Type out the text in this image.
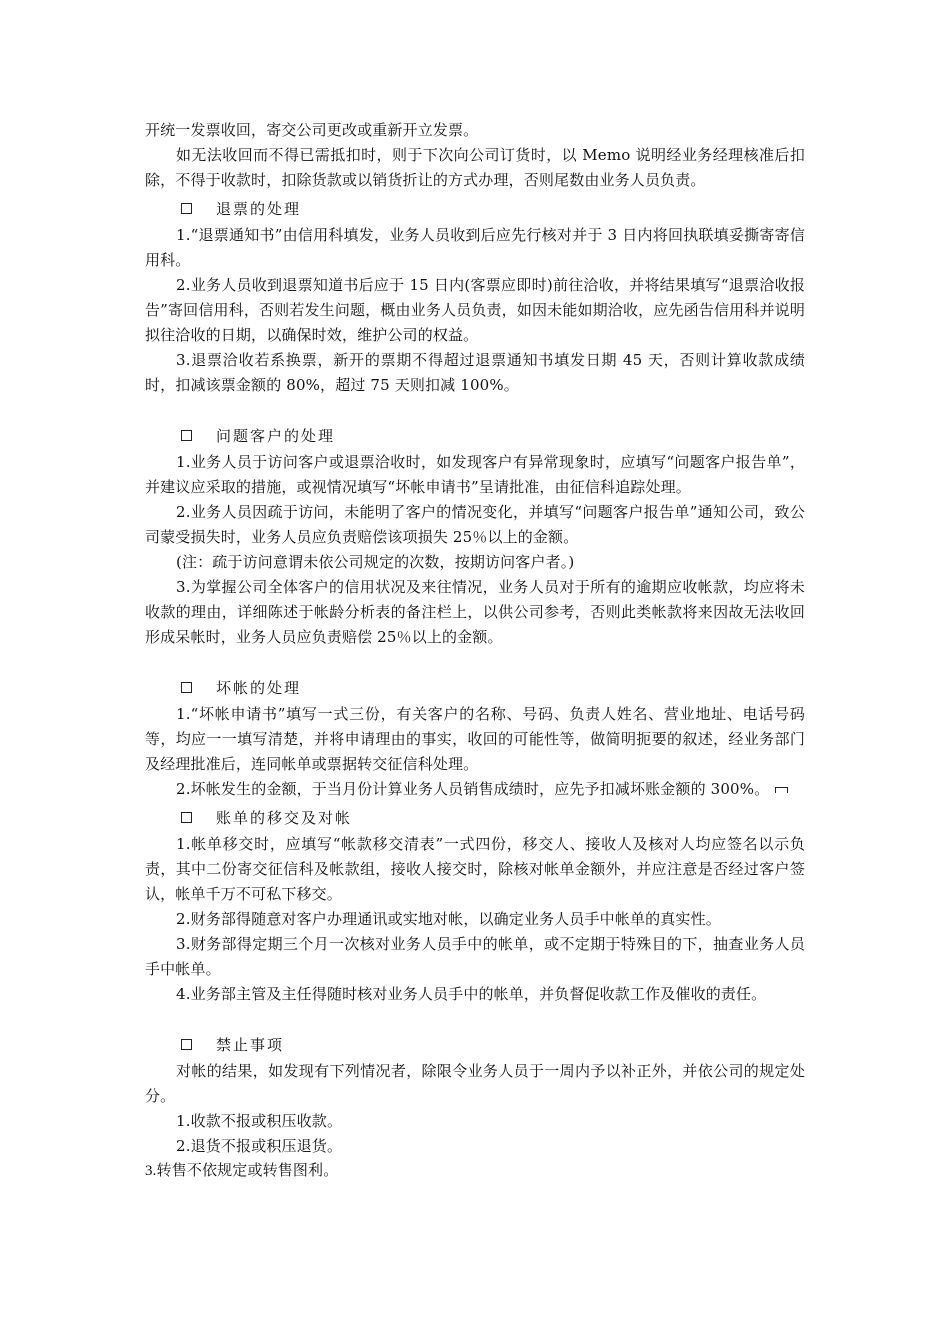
开统一发票收回，寄交公司更改或重新开立发票。

如无法收回而不得已需抵扣时，则于下次向公司订货时，以 Memo 说明经业务经理核准后扣除，不得于收款时，扣除货款或以销货折让的方式办理，否则尾数由业务人员负责。

退票的处理

1.“退票通知书”由信用科填发，业务人员收到后应先行核对并于 3 日内将回执联填妥撕寄寄信用科。

2.业务人员收到退票知道书后应于 15 日内(客票应即时)前往洽收，并将结果填写“退票洽收报告”寄回信用科，否则若发生问题，概由业务人员负责，如因未能如期洽收，应先函告信用科并说明拟往洽收的日期，以确保时效，维护公司的权益。

3.退票洽收若系换票，新开的票期不得超过退票通知书填发日期 45 天，否则计算收款成绩时，扣减该票金额的 80%，超过 75 天则扣减 100%。

问题客户的处理

1.业务人员于访问客户或退票洽收时，如发现客户有异常现象时，应填写“问题客户报告单”，并建议应采取的措施，或视情况填写“坏帐申请书”呈请批准，由征信科追踪处理。

2.业务人员因疏于访问，未能明了客户的情况变化，并填写“问题客户报告单”通知公司，致公司蒙受损失时，业务人员应负责赔偿该项损失 25％以上的金额。

(注：疏于访问意谓未依公司规定的次数，按期访问客户者。)

3.为掌握公司全体客户的信用状况及来往情况，业务人员对于所有的逾期应收帐款，均应将未收款的理由，详细陈述于帐龄分析表的备注栏上，以供公司参考，否则此类帐款将来因故无法收回形成呆帐时，业务人员应负责赔偿 25％以上的金额。

坏帐的处理

1.“坏帐申请书”填写一式三份，有关客户的名称、号码、负责人姓名、营业地址、电话号码等，均应一一填写清楚，并将申请理由的事实，收回的可能性等，做简明扼要的叙述，经业务部门及经理批准后，连同帐单或票据转交征信科处理。

2.坏帐发生的金额，于当月份计算业务人员销售成绩时，应先予扣减坏账金额的 300%。

账单的移交及对帐

1.帐单移交时，应填写“帐款移交清表”一式四份，移交人、接收人及核对人均应签名以示负责，其中二份寄交征信科及帐款组，接收人接交时，除核对帐单金额外，并应注意是否经过客户签认，帐单千万不可私下移交。

2.财务部得随意对客户办理通讯或实地对帐，以确定业务人员手中帐单的真实性。

3.财务部得定期三个月一次核对业务人员手中的帐单，或不定期于特殊目的下，抽查业务人员手中帐单。

4.业务部主管及主任得随时核对业务人员手中的帐单，并负督促收款工作及催收的责任。

禁止事项

对帐的结果，如发现有下列情况者，除限令业务人员于一周内予以补正外，并依公司的规定处分。

1.收款不报或积压收款。

2.退货不报或积压退货。

3.转售不依规定或转售图利。
